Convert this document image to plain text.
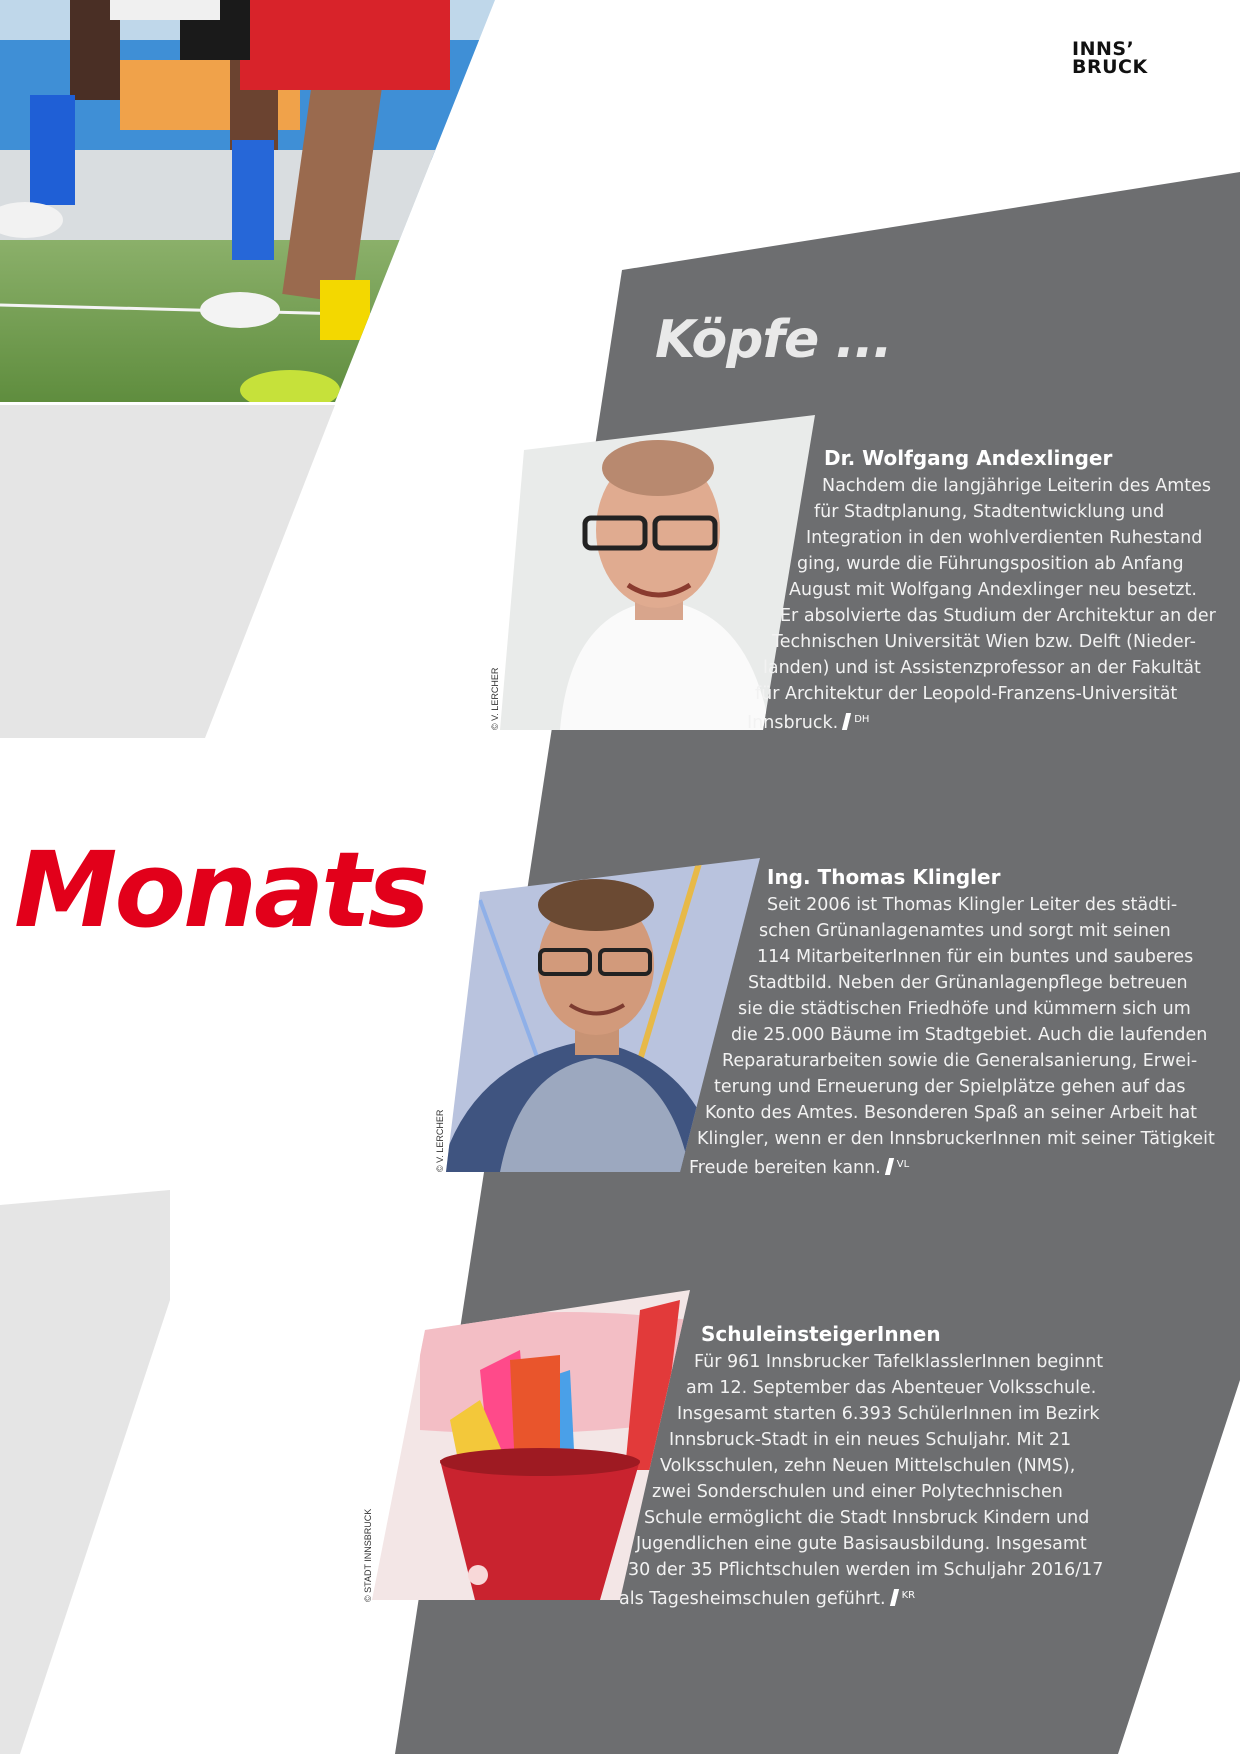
INNS’
BRUCK
Köpfe ...
Monats
© V. LERCHER
© V. LERCHER
© STADT INNSBRUCK
Dr. Wolfgang Andexlinger
Nachdem die langjährige Leiterin des Amtes
für Stadtplanung, Stadtentwicklung und
Integration in den wohlverdienten Ruhestand
ging, wurde die Führungsposition ab Anfang
August mit Wolfgang Andexlinger neu besetzt.
Er absolvierte das Studium der Architektur an der
Technischen Universität Wien bzw. Delft (Nieder-
landen) und ist Assistenzprofessor an der Fakultät
für Architektur der Leopold-Franzens-Universität
Innsbruck. $^{DH}$
Ing. Thomas Klingler
Seit 2006 ist Thomas Klingler Leiter des städti-
schen Grünanlagenamtes und sorgt mit seinen
114 MitarbeiterInnen für ein buntes und sauberes
Stadtbild. Neben der Grünanlagenpflege betreuen
sie die städtischen Friedhöfe und kümmern sich um
die 25.000 Bäume im Stadtgebiet. Auch die laufenden
Reparaturarbeiten sowie die Generalsanierung, Erwei-
terung und Erneuerung der Spielplätze gehen auf das
Konto des Amtes. Besonderen Spaß an seiner Arbeit hat
Klingler, wenn er den InnsbruckerInnen mit seiner Tätigkeit
Freude bereiten kann. $^{VL}$
SchuleinsteigerInnen
Für 961 Innsbrucker TafelklasslerInnen beginnt
am 12. September das Abenteuer Volksschule.
Insgesamt starten 6.393 SchülerInnen im Bezirk
Innsbruck-Stadt in ein neues Schuljahr. Mit 21
Volksschulen, zehn Neuen Mittelschulen (NMS),
zwei Sonderschulen und einer Polytechnischen
Schule ermöglicht die Stadt Innsbruck Kindern und
Jugendlichen eine gute Basisausbildung. Insgesamt
30 der 35 Pflichtschulen werden im Schuljahr 2016/17
als Tagesheimschulen geführt. $^{KR}$
